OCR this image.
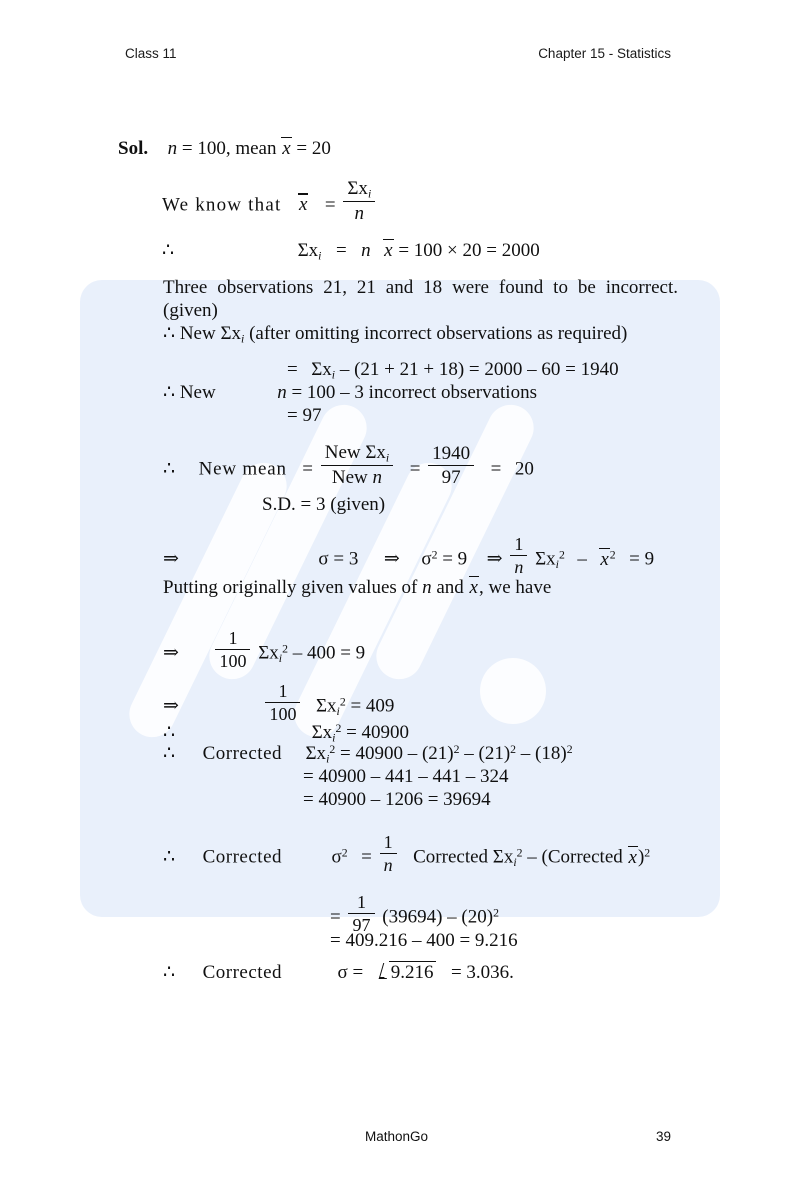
Class 11	Chapter 15 - Statistics
Sol. n = 100, mean x = 20
We know that $x = \frac{\Sigma x_i}{n}$
∴	$\Sigma x_i = n$ x = 100 × 20 = 2000
Three observations 21, 21 and 18 were found to be incorrect. (given)
∴ New $\Sigma x_i$ (after omitting incorrect observations as required)
= $\Sigma x_i - (21 + 21 + 18) = 2000 - 60 = 1940$
∴ New	n = 100 – 3 incorrect observations
= 97
∴ New mean = $\frac{New \Sigma x_i}{\text{New n}} = \frac{1940}{97} = 20$
S.D. = 3 (given)
⇒	σ = 3 ⇒ $\sigma^2 = 9$ ⇒ $\frac{1}{n} \Sigma x_i^2 - x^2 = 9$
Putting originally given values of n and x, we have
⇒ $\frac{1}{100} \Sigma x_i^2 - 400 = 9$
⇒	$\frac{1}{100} \Sigma x_i^2 = 409$
∴	$\Sigma x_i^2 = 40900$
∴ Corrected $\Sigma x_i^2 = 40900 - (21)^2 - (21)^2 - (18)^2$
= 40900 – 441 – 441 – 324
= 40900 – 1206 = 39694
∴ Corrected	$\sigma^2 = \frac{1}{n}$ Corrected $\Sigma x_i^2$ – (Corrected x)$^2$
= $\frac{1}{97} (39694) - (20)^2$
= 409.216 – 400 = 9.216
∴ Corrected	σ = 9.216 = 3.036.
MathonGo	39
